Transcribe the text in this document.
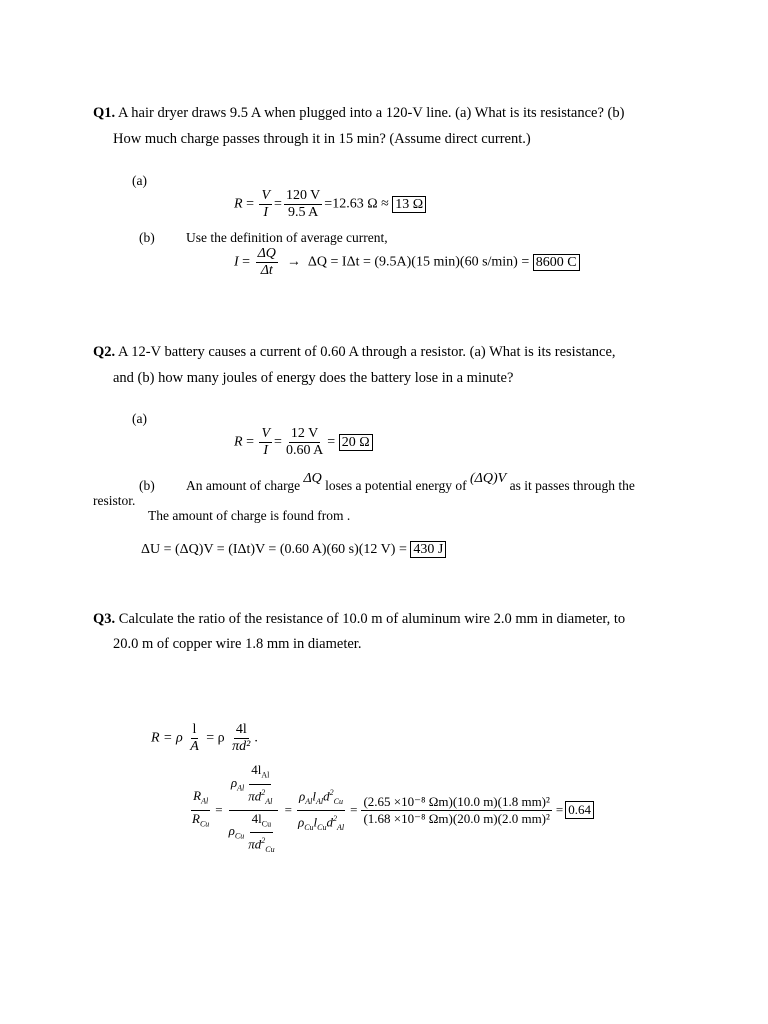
Q1. A hair dryer draws 9.5 A when plugged into a 120-V line. (a) What is its resistance? (b)
How much charge passes through it in 15 min? (Assume direct current.)
(a)
$R = \frac{V}{I} = \frac{120 V}{9.5 A} =12.63$ Ω ≈ 13 Ω
(b) Use the definition of average current,
$I = \frac{\Delta Q}{\Delta t} \to \Delta Q = I\Delta t = (9.5A)(15$ min)(60 s/min) = 8600 C
Q2. A 12-V battery causes a current of 0.60 A through a resistor. (a) What is its resistance,
and (b) how many joules of energy does the battery lose in a minute?
(a)
$R = \frac{V}{I} = \frac{12 V}{0.60 A} = 20$ Ω
(b) An amount of charge ΔQ loses a potential energy of (ΔQ)V as it passes through the
resistor.
The amount of charge is found from .
ΔU = (ΔQ)V = (IΔt)V = (0.60 A)(60 s)(12 V) = 430 J
Q3. Calculate the ratio of the resistance of 10.0 m of aluminum wire 2.0 mm in diameter, to
20.0 m of copper wire 1.8 mm in diameter.
R = ρ $\frac{l}{A} = \rho \frac{4l}{\text{πd²}}$ .
$\frac{R_{Al}}{R_{Cu}} = \frac{\rho_{Al} \frac{4l_{Al}}{\pi d^2_{Al}}}{\rho_{Cu} \frac{4l_{Cu}}{\pi d^2_{Cu}}} = \frac{\rho_{Al}l_{Al}d^2_{Cu}}{\rho_{Cu}l_{Cu}d^2_{Al}} = \frac{\text{(2.65 ×10⁻⁸ Ωm)(10.0 m)(1.8 mm)²}}{\text{(1.68 ×10⁻⁸ Ωm)(20.0 m)(2.0 mm)²}} = 0.64$
